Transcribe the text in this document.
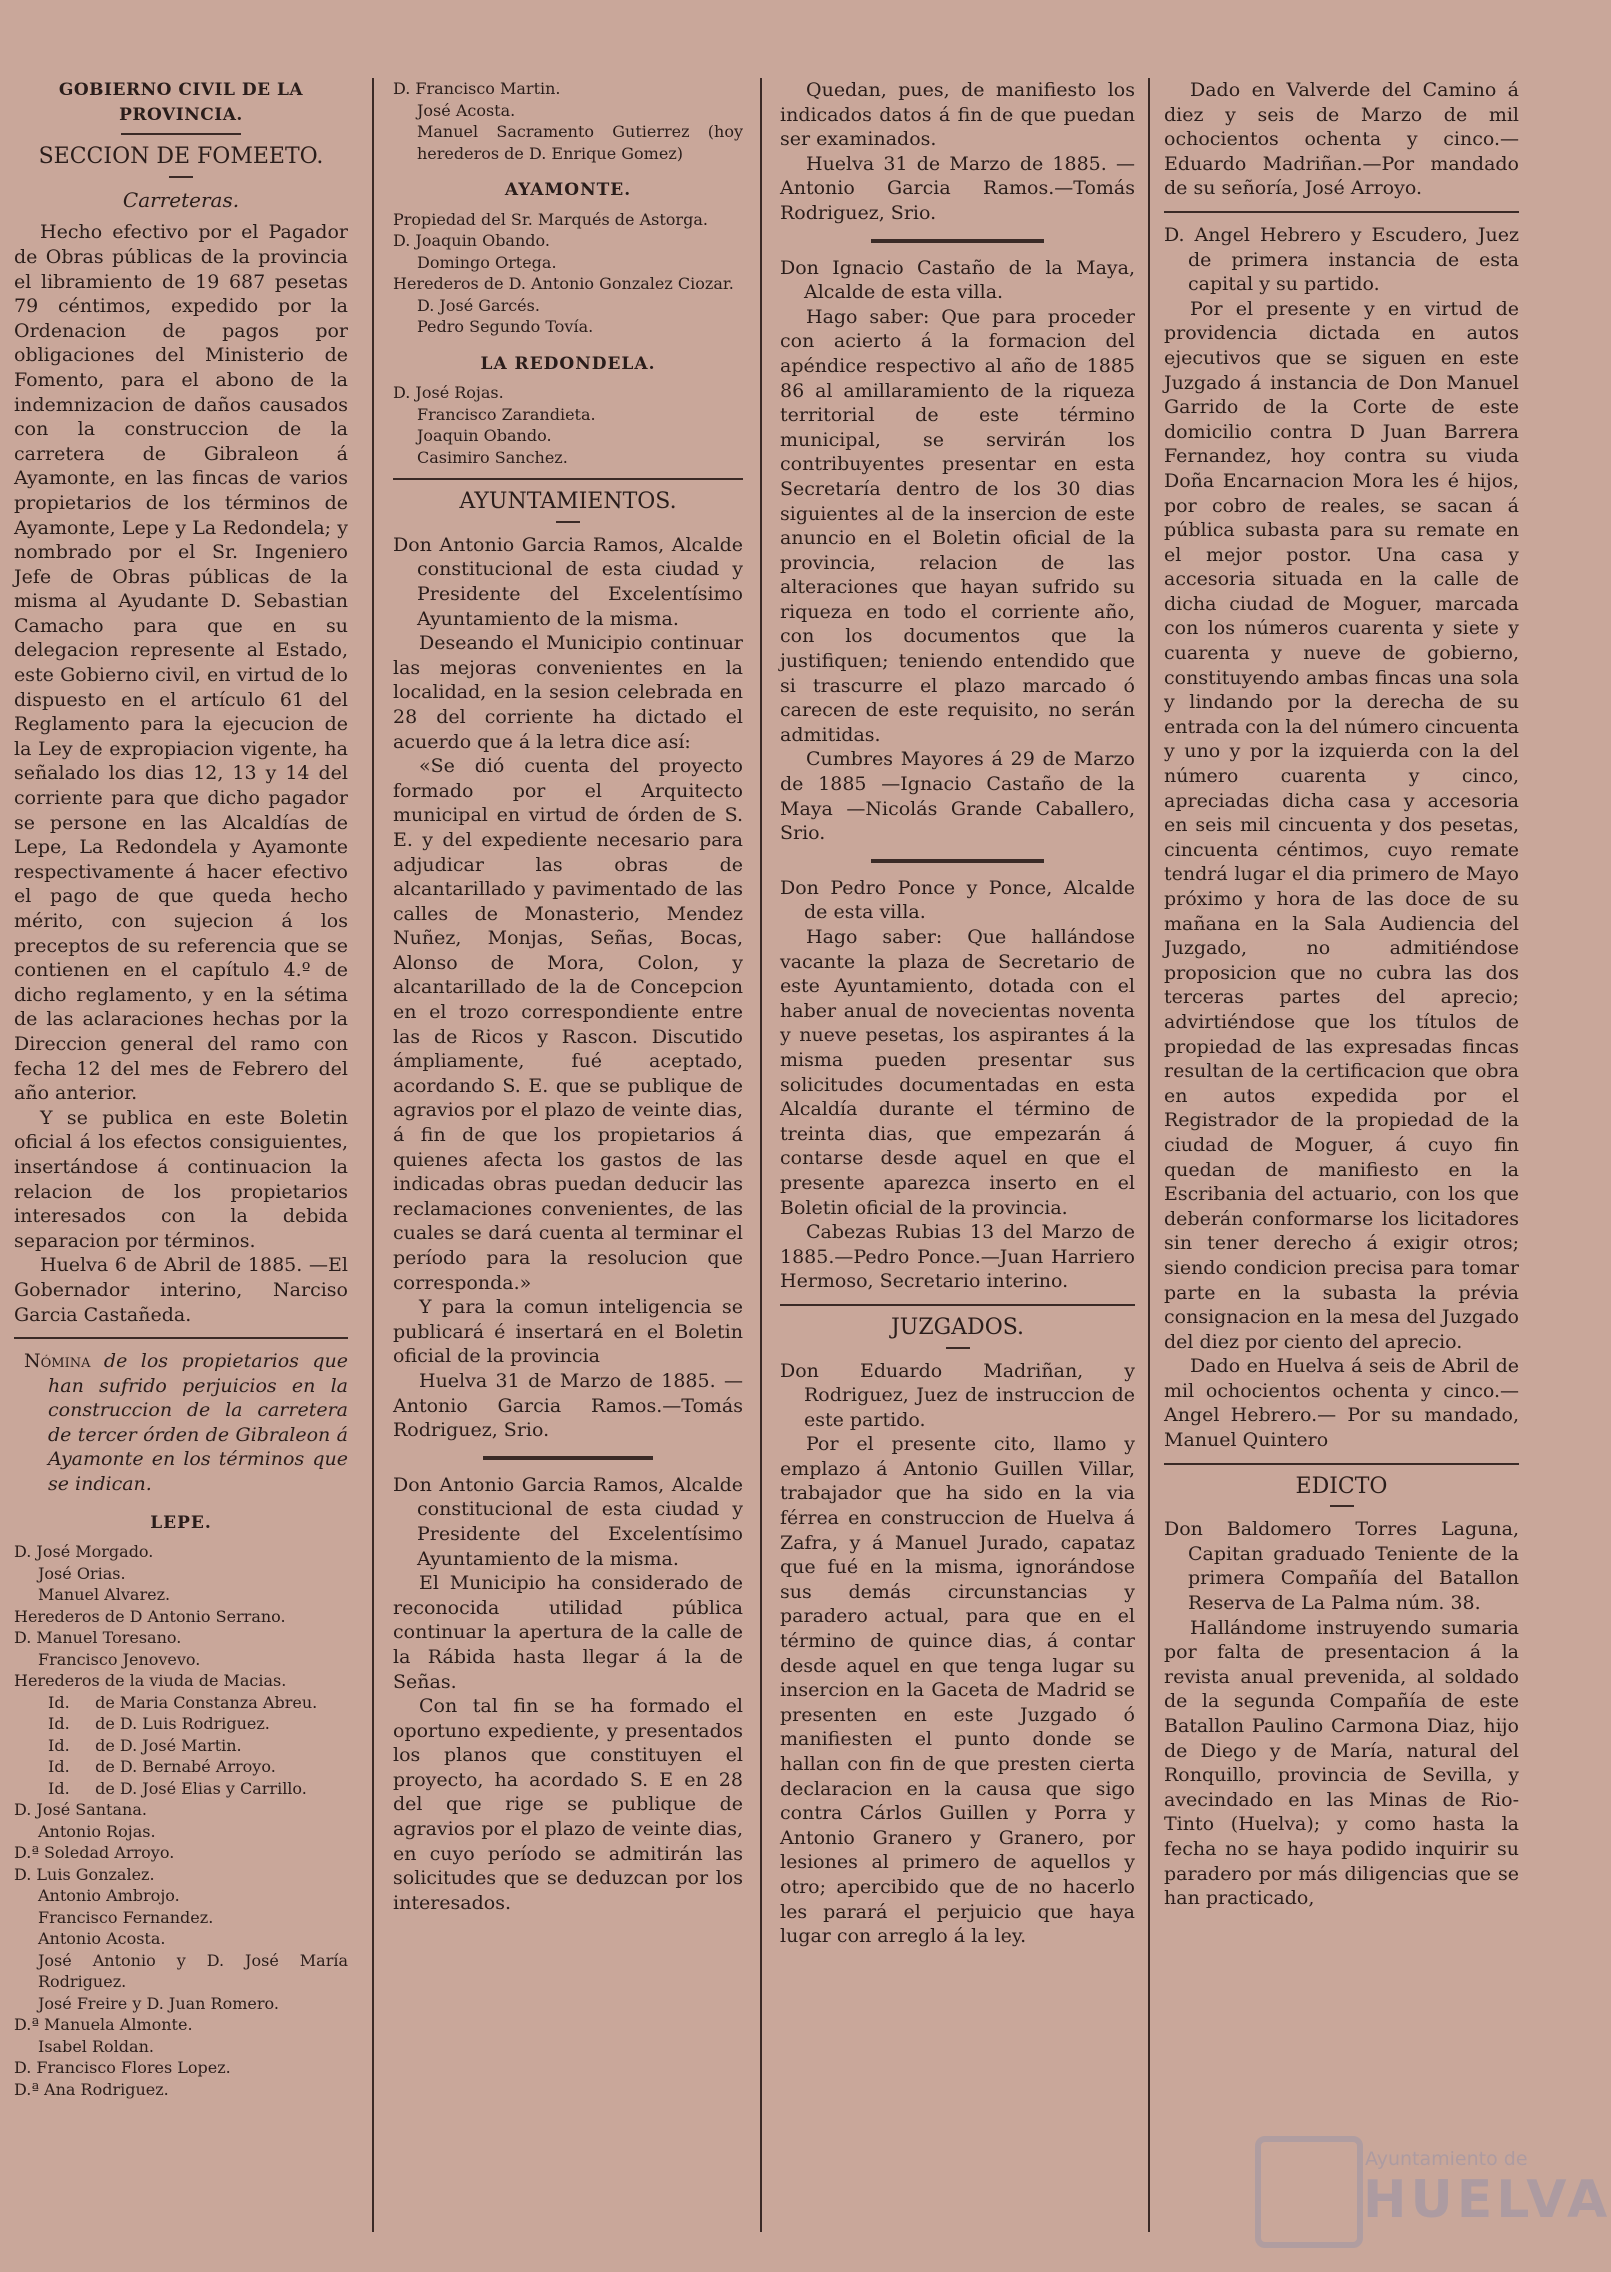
GOBIERNO CIVIL DE LA PROVINCIA.
SECCION DE FOMEETO.
Carreteras.

Hecho efectivo por el Pagador de Obras públicas de la provincia el libramiento de 19 687 pesetas 79 céntimos, expedido por la Ordenacion de pagos por obligaciones del Ministerio de Fomento, para el abono de la indemnizacion de daños causados con la construccion de la carretera de Gibraleon á Ayamonte, en las fincas de varios propietarios de los términos de Ayamonte, Lepe y La Redondela; y nombrado por el Sr. Ingeniero Jefe de Obras públicas de la misma al Ayudante D. Sebastian Camacho para que en su delegacion represente al Estado, este Gobierno civil, en virtud de lo dispuesto en el artículo 61 del Reglamento para la ejecucion de la Ley de expropiacion vigente, ha señalado los dias 12, 13 y 14 del corriente para que dicho pagador se persone en las Alcaldías de Lepe, La Redondela y Ayamonte respectivamente á hacer efectivo el pago de que queda hecho mérito, con sujecion á los preceptos de su referencia que se contienen en el capítulo 4.º de dicho reglamento, y en la sétima de las aclaraciones hechas por la Direccion general del ramo con fecha 12 del mes de Febrero del año anterior.

Y se publica en este Boletin oficial á los efectos consiguientes, insertándose á continuacion la relacion de los propietarios interesados con la debida separacion por términos.

Huelva 6 de Abril de 1885. —El Gobernador interino, Narciso Garcia Castañeda.

Nómina de los propietarios que han sufrido perjuicios en la construccion de la carretera de tercer órden de Gibraleon á Ayamonte en los términos que se indican.

LEPE.
D. José Morgado.
José Orias.
Manuel Alvarez.
Herederos de D Antonio Serrano.
D. Manuel Toresano.
Francisco Jenovevo.
Herederos de la viuda de Macias.
Id.     de Maria Constanza Abreu.
Id.     de D. Luis Rodriguez.
Id.     de D. José Martin.
Id.     de D. Bernabé Arroyo.
Id.     de D. José Elias y Carrillo.
D. José Santana.
Antonio Rojas.
D.ª Soledad Arroyo.
D. Luis Gonzalez.
Antonio Ambrojo.
Francisco Fernandez.
Antonio Acosta.
José Antonio y D. José María Rodriguez.
José Freire y D. Juan Romero.
D.ª Manuela Almonte.
Isabel Roldan.
D. Francisco Flores Lopez.
D.ª Ana Rodriguez.
D. Francisco Martin.
José Acosta.
Manuel Sacramento Gutierrez (hoy herederos de D. Enrique Gomez)
AYAMONTE.
Propiedad del Sr. Marqués de Astorga.
D. Joaquin Obando.
Domingo Ortega.
Herederos de D. Antonio Gonzalez Ciozar.
D. José Garcés.
Pedro Segundo Tovía.
LA REDONDELA.
D. José Rojas.
Francisco Zarandieta.
Joaquin Obando.
Casimiro Sanchez.
AYUNTAMIENTOS.

Don Antonio Garcia Ramos, Alcalde constitucional de esta ciudad y Presidente del Excelentísimo Ayuntamiento de la misma.

Deseando el Municipio continuar las mejoras convenientes en la localidad, en la sesion celebrada en 28 del corriente ha dictado el acuerdo que á la letra dice así:

«Se dió cuenta del proyecto formado por el Arquitecto municipal en virtud de órden de S. E. y del expediente necesario para adjudicar las obras de alcantarillado y pavimentado de las calles de Monasterio, Mendez Nuñez, Monjas, Señas, Bocas, Alonso de Mora, Colon, y alcantarillado de la de Concepcion en el trozo correspondiente entre las de Ricos y Rascon. Discutido ámpliamente, fué aceptado, acordando S. E. que se publique de agravios por el plazo de veinte dias, á fin de que los propietarios á quienes afecta los gastos de las indicadas obras puedan deducir las reclamaciones convenientes, de las cuales se dará cuenta al terminar el período para la resolucion que corresponda.»

Y para la comun inteligencia se publicará é insertará en el Boletin oficial de la provincia

Huelva 31 de Marzo de 1885. —Antonio Garcia Ramos.—Tomás Rodriguez, Srio.

Don Antonio Garcia Ramos, Alcalde constitucional de esta ciudad y Presidente del Excelentísimo Ayuntamiento de la misma.

El Municipio ha considerado de reconocida utilidad pública continuar la apertura de la calle de la Rábida hasta llegar á la de Señas.

Con tal fin se ha formado el oportuno expediente, y presentados los planos que constituyen el proyecto, ha acordado S. E en 28 del que rige se publique de agravios por el plazo de veinte dias, en cuyo período se admitirán las solicitudes que se deduzcan por los interesados.

Quedan, pues, de manifiesto los indicados datos á fin de que puedan ser examinados.

Huelva 31 de Marzo de 1885. —Antonio Garcia Ramos.—Tomás Rodriguez, Srio.

Don Ignacio Castaño de la Maya, Alcalde de esta villa.

Hago saber: Que para proceder con acierto á la formacion del apéndice respectivo al año de 1885 86 al amillaramiento de la riqueza territorial de este término municipal, se servirán los contribuyentes presentar en esta Secretaría dentro de los 30 dias siguientes al de la insercion de este anuncio en el Boletin oficial de la provincia, relacion de las alteraciones que hayan sufrido su riqueza en todo el corriente año, con los documentos que la justifiquen; teniendo entendido que si trascurre el plazo marcado ó carecen de este requisito, no serán admitidas.

Cumbres Mayores á 29 de Marzo de 1885 —Ignacio Castaño de la Maya —Nicolás Grande Caballero, Srio.

Don Pedro Ponce y Ponce, Alcalde de esta villa.

Hago saber: Que hallándose vacante la plaza de Secretario de este Ayuntamiento, dotada con el haber anual de novecientas noventa y nueve pesetas, los aspirantes á la misma pueden presentar sus solicitudes documentadas en esta Alcaldía durante el término de treinta dias, que empezarán á contarse desde aquel en que el presente aparezca inserto en el Boletin oficial de la provincia.

Cabezas Rubias 13 del Marzo de 1885.—Pedro Ponce.—Juan Harriero Hermoso, Secretario interino.

JUZGADOS.

Don Eduardo Madriñan, y Rodriguez, Juez de instruccion de este partido.

Por el presente cito, llamo y emplazo á Antonio Guillen Villar, trabajador que ha sido en la via férrea en construccion de Huelva á Zafra, y á Manuel Jurado, capataz que fué en la misma, ignorándose sus demás circunstancias y paradero actual, para que en el término de quince dias, á contar desde aquel en que tenga lugar su insercion en la Gaceta de Madrid se presenten en este Juzgado ó manifiesten el punto donde se hallan con fin de que presten cierta declaracion en la causa que sigo contra Cárlos Guillen y Porra y Antonio Granero y Granero, por lesiones al primero de aquellos y otro; apercibido que de no hacerlo les parará el perjuicio que haya lugar con arreglo á la ley.

Dado en Valverde del Camino á diez y seis de Marzo de mil ochocientos ochenta y cinco.— Eduardo Madriñan.—Por mandado de su señoría, José Arroyo.

D. Angel Hebrero y Escudero, Juez de primera instancia de esta capital y su partido.

Por el presente y en virtud de providencia dictada en autos ejecutivos que se siguen en este Juzgado á instancia de Don Manuel Garrido de la Corte de este domicilio contra D Juan Barrera Fernandez, hoy contra su viuda Doña Encarnacion Mora les é hijos, por cobro de reales, se sacan á pública subasta para su remate en el mejor postor. Una casa y accesoria situada en la calle de dicha ciudad de Moguer, marcada con los números cuarenta y siete y cuarenta y nueve de gobierno, constituyendo ambas fincas una sola y lindando por la derecha de su entrada con la del número cincuenta y uno y por la izquierda con la del número cuarenta y cinco, apreciadas dicha casa y accesoria en seis mil cincuenta y dos pesetas, cincuenta céntimos, cuyo remate tendrá lugar el dia primero de Mayo próximo y hora de las doce de su mañana en la Sala Audiencia del Juzgado, no admitiéndose proposicion que no cubra las dos terceras partes del aprecio; advirtiéndose que los títulos de propiedad de las expresadas fincas resultan de la certificacion que obra en autos expedida por el Registrador de la propiedad de la ciudad de Moguer, á cuyo fin quedan de manifiesto en la Escribania del actuario, con los que deberán conformarse los licitadores sin tener derecho á exigir otros; siendo condicion precisa para tomar parte en la subasta la prévia consignacion en la mesa del Juzgado del diez por ciento del aprecio.

Dado en Huelva á seis de Abril de mil ochocientos ochenta y cinco.—Angel Hebrero.— Por su mandado, Manuel Quintero

EDICTO

Don Baldomero Torres Laguna, Capitan graduado Teniente de la primera Compañía del Batallon Reserva de La Palma núm. 38.

Hallándome instruyendo sumaria por falta de presentacion á la revista anual prevenida, al soldado de la segunda Compañía de este Batallon Paulino Carmona Diaz, hijo de Diego y de María, natural del Ronquillo, provincia de Sevilla, y avecindado en las Minas de Rio-Tinto (Huelva); y como hasta la fecha no se haya podido inquirir su paradero por más diligencias que se han practicado,

Ayuntamiento de
HUELVA
